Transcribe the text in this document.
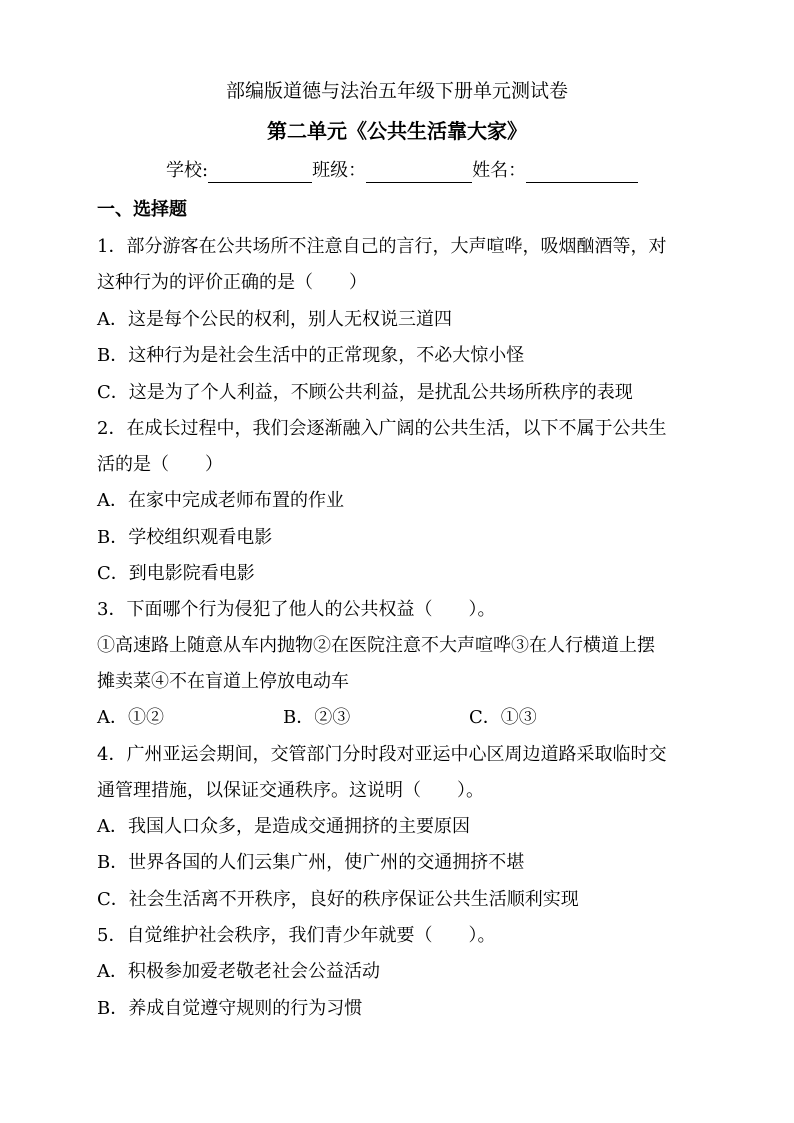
部编版道德与法治五年级下册单元测试卷
第二单元《公共生活靠大家》
学校:	班级：	姓名：
一、选择题
1．部分游客在公共场所不注意自己的言行，大声喧哗，吸烟酗酒等，对
这种行为的评价正确的是（　　）
A．这是每个公民的权利，别人无权说三道四
B．这种行为是社会生活中的正常现象，不必大惊小怪
C．这是为了个人利益，不顾公共利益，是扰乱公共场所秩序的表现
2．在成长过程中，我们会逐渐融入广阔的公共生活，以下不属于公共生
活的是（　　）
A．在家中完成老师布置的作业
B．学校组织观看电影
C．到电影院看电影
3．下面哪个行为侵犯了他人的公共权益（　　）。
①高速路上随意从车内抛物②在医院注意不大声喧哗③在人行横道上摆
摊卖菜④不在盲道上停放电动车
A．①②	B．②③	C．①③
4．广州亚运会期间，交管部门分时段对亚运中心区周边道路采取临时交
通管理措施，以保证交通秩序。这说明（　　）。
A．我国人口众多，是造成交通拥挤的主要原因
B．世界各国的人们云集广州，使广州的交通拥挤不堪
C．社会生活离不开秩序，良好的秩序保证公共生活顺利实现
5．自觉维护社会秩序，我们青少年就要（　　）。
A．积极参加爱老敬老社会公益活动
B．养成自觉遵守规则的行为习惯
